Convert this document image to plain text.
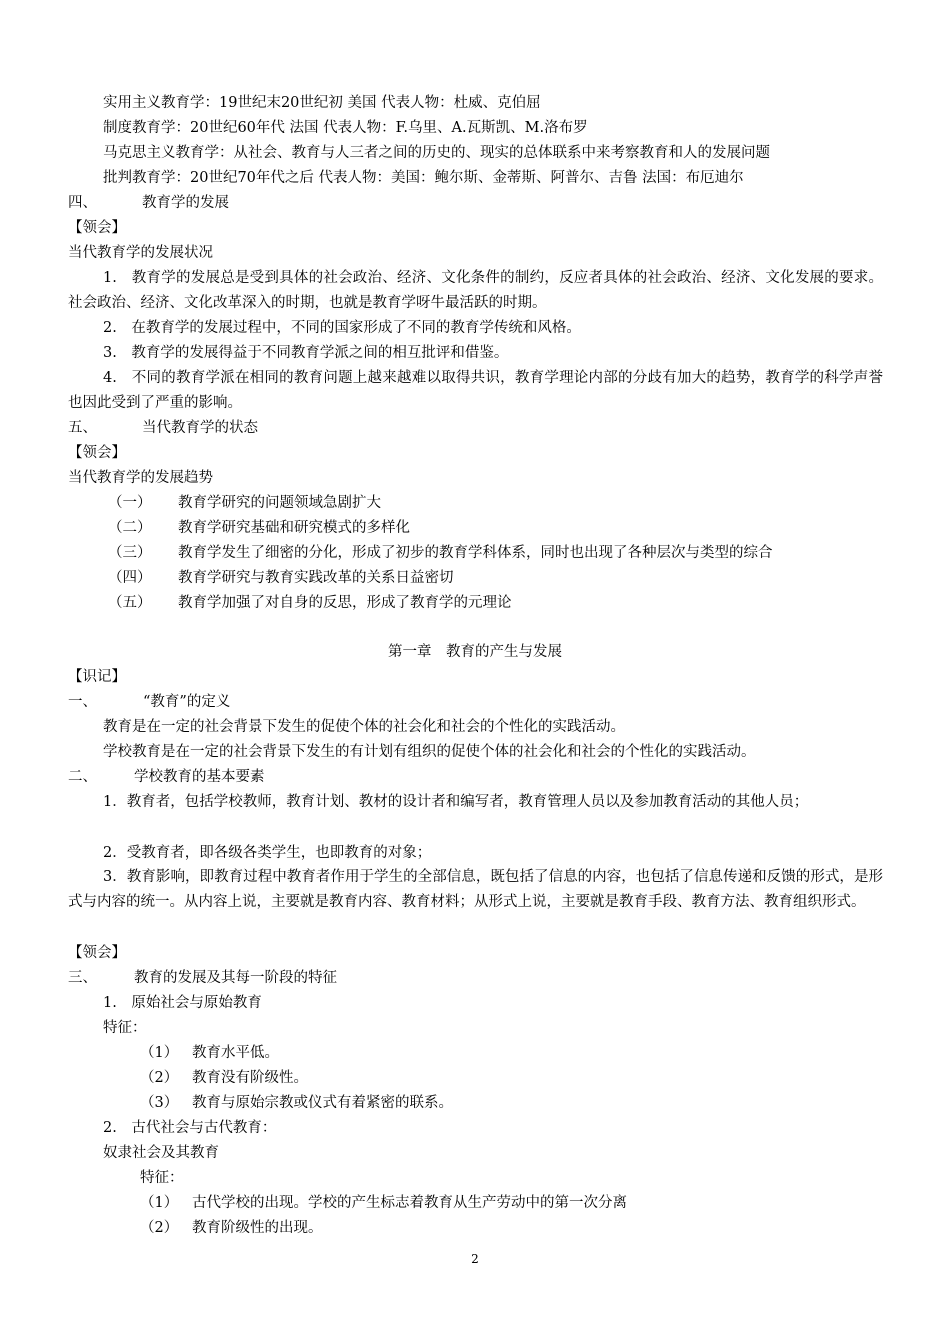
实用主义教育学：19世纪末20世纪初 美国 代表人物：杜威、克伯屈
制度教育学：20世纪60年代 法国 代表人物：F.乌里、A.瓦斯凯、M.洛布罗
马克思主义教育学：从社会、教育与人三者之间的历史的、现实的总体联系中来考察教育和人的发展问题
批判教育学：20世纪70年代之后 代表人物：美国：鲍尔斯、金蒂斯、阿普尔、吉鲁 法国：布厄迪尔
四、	教育学的发展
【领会】
当代教育学的发展状况
1.　教育学的发展总是受到具体的社会政治、经济、文化条件的制约，反应者具体的社会政治、经济、文化发展的要求。社会政治、经济、文化改革深入的时期，也就是教育学呀牛最活跃的时期。
2.　在教育学的发展过程中，不同的国家形成了不同的教育学传统和风格。
3.　教育学的发展得益于不同教育学派之间的相互批评和借鉴。
4.　不同的教育学派在相同的教育问题上越来越难以取得共识，教育学理论内部的分歧有加大的趋势，教育学的科学声誉也因此受到了严重的影响。
五、	当代教育学的状态
【领会】
当代教育学的发展趋势
（一） 教育学研究的问题领域急剧扩大
（二） 教育学研究基础和研究模式的多样化
（三） 教育学发生了细密的分化，形成了初步的教育学科体系，同时也出现了各种层次与类型的综合
（四） 教育学研究与教育实践改革的关系日益密切
（五） 教育学加强了对自身的反思，形成了教育学的元理论
第一章　教育的产生与发展
【识记】
一、	“教育”的定义
教育是在一定的社会背景下发生的促使个体的社会化和社会的个性化的实践活动。
学校教育是在一定的社会背景下发生的有计划有组织的促使个体的社会化和社会的个性化的实践活动。
二、	学校教育的基本要素
1．教育者，包括学校教师，教育计划、教材的设计者和编写者，教育管理人员以及参加教育活动的其他人员；
2．受教育者，即各级各类学生，也即教育的对象；
3．教育影响，即教育过程中教育者作用于学生的全部信息，既包括了信息的内容，也包括了信息传递和反馈的形式，是形式与内容的统一。从内容上说，主要就是教育内容、教育材料；从形式上说，主要就是教育手段、教育方法、教育组织形式。
【领会】
三、	教育的发展及其每一阶段的特征
1.　原始社会与原始教育
特征：
（1） 教育水平低。
（2） 教育没有阶级性。
（3） 教育与原始宗教或仪式有着紧密的联系。
2.　古代社会与古代教育：
奴隶社会及其教育
特征：
（1） 古代学校的出现。学校的产生标志着教育从生产劳动中的第一次分离
（2） 教育阶级性的出现。
2
